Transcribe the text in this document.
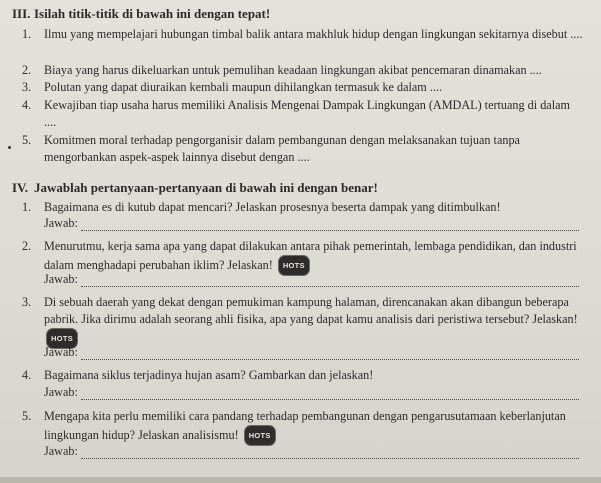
III. Isilah titik-titik di bawah ini dengan tepat!
1.	Ilmu yang mempelajari hubungan timbal balik antara makhluk hidup dengan lingkungan sekitarnya disebut ....
2.	Biaya yang harus dikeluarkan untuk pemulihan keadaan lingkungan akibat pencemaran dinamakan ....
3.	Polutan yang dapat diuraikan kembali maupun dihilangkan termasuk ke dalam ....
4.	Kewajiban tiap usaha harus memiliki Analisis Mengenai Dampak Lingkungan (AMDAL) tertuang di dalam ....
5.	Komitmen moral terhadap pengorganisir dalam pembangunan dengan melaksanakan tujuan tanpa mengorbankan aspek-aspek lainnya disebut dengan ....
IV. Jawablah pertanyaan-pertanyaan di bawah ini dengan benar!
1.	Bagaimana es di kutub dapat mencari? Jelaskan prosesnya beserta dampak yang ditimbulkan!
Jawab:
2.	Menurutmu, kerja sama apa yang dapat dilakukan antara pihak pemerintah, lembaga pendidikan, dan industri dalam menghadapi perubahan iklim? Jelaskan! HOTS
Jawab:
3.	Di sebuah daerah yang dekat dengan pemukiman kampung halaman, direncanakan akan dibangun beberapa pabrik. Jika dirimu adalah seorang ahli fisika, apa yang dapat kamu analisis dari peristiwa tersebut? Jelaskan! HOTS
Jawab:
4.	Bagaimana siklus terjadinya hujan asam? Gambarkan dan jelaskan!
Jawab:
5.	Mengapa kita perlu memiliki cara pandang terhadap pembangunan dengan pengarusutamaan keberlanjutan lingkungan hidup? Jelaskan analisismu! HOTS
Jawab:
